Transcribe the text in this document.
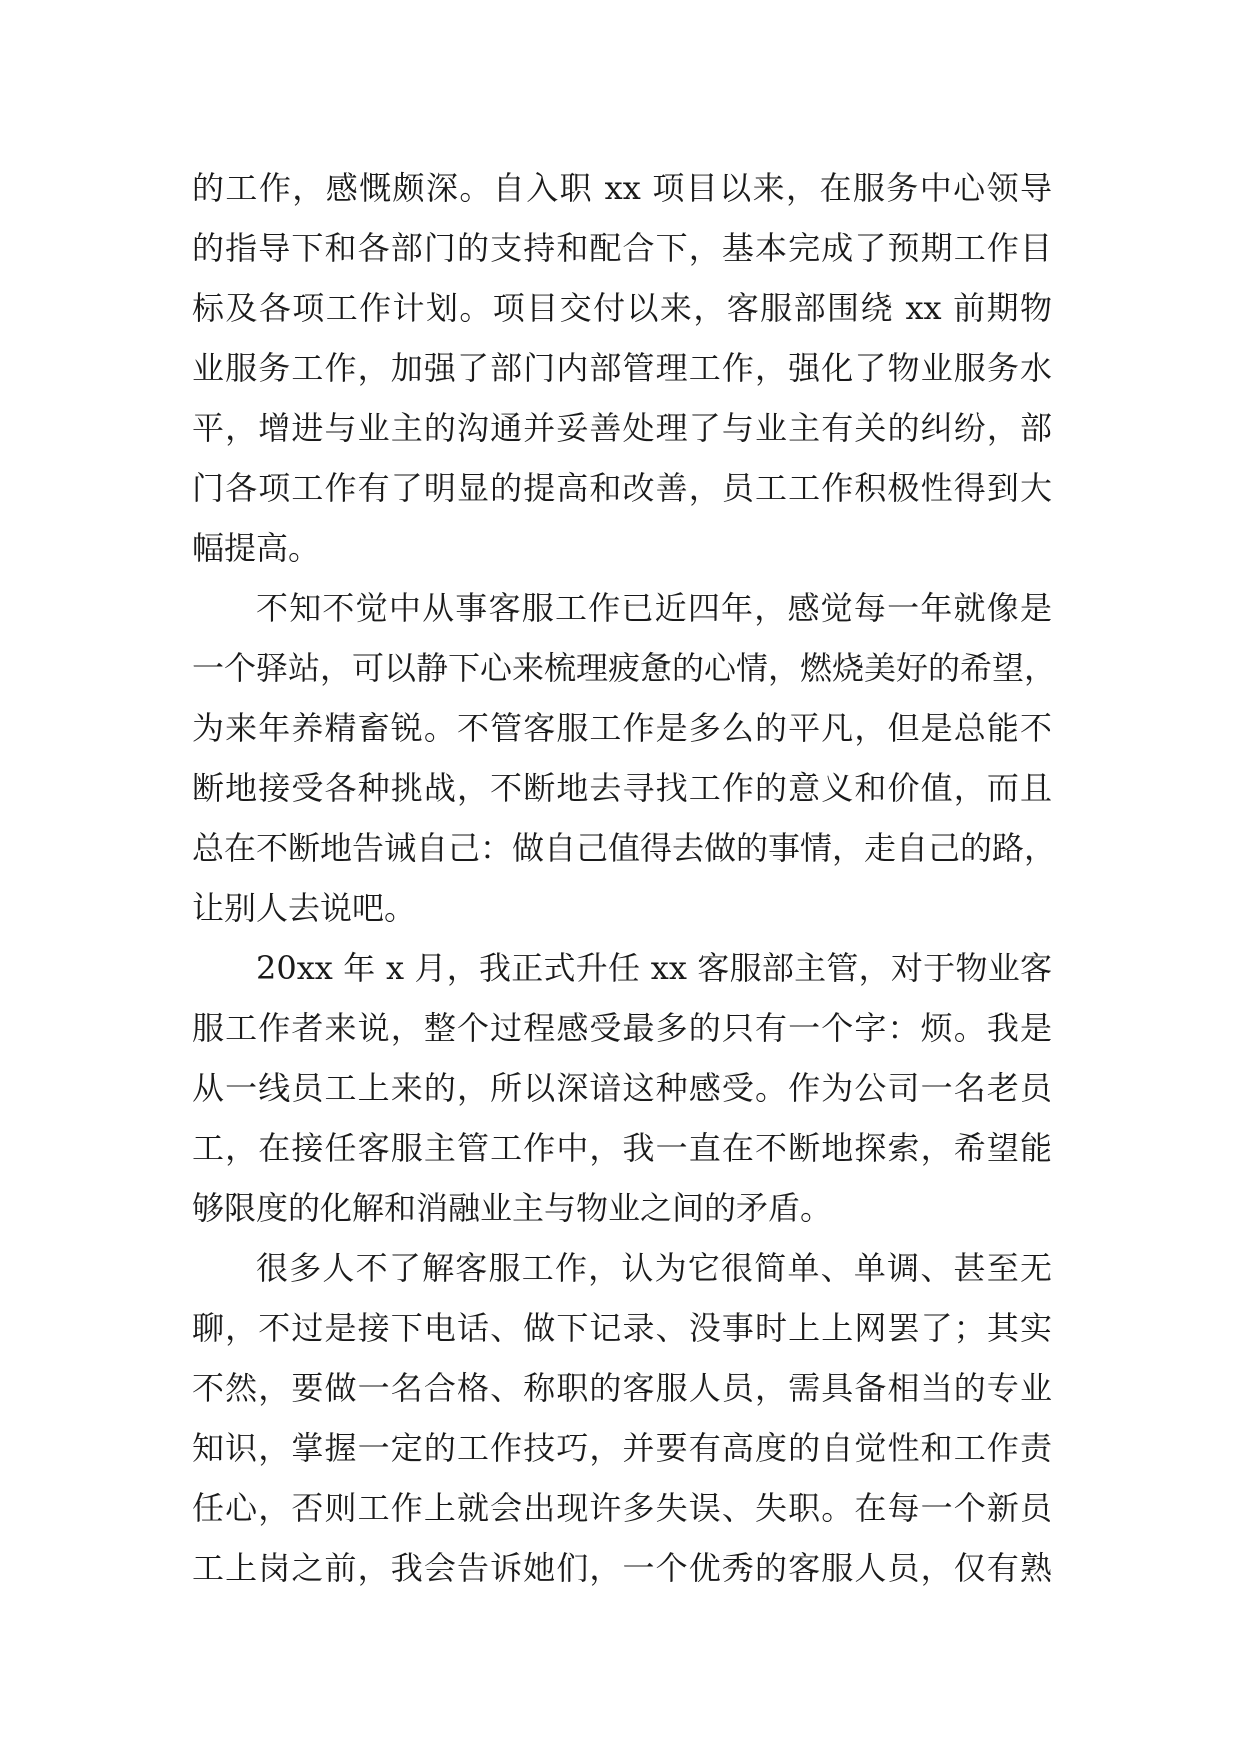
的工作，感慨颇深。自入职 xx 项目以来，在服务中心领导
的指导下和各部门的支持和配合下，基本完成了预期工作目
标及各项工作计划。项目交付以来，客服部围绕 xx 前期物
业服务工作，加强了部门内部管理工作，强化了物业服务水
平，增进与业主的沟通并妥善处理了与业主有关的纠纷，部
门各项工作有了明显的提高和改善，员工工作积极性得到大
幅提高。
不知不觉中从事客服工作已近四年，感觉每一年就像是
一个驿站，可以静下心来梳理疲惫的心情，燃烧美好的希望，
为来年养精畜锐。不管客服工作是多么的平凡，但是总能不
断地接受各种挑战，不断地去寻找工作的意义和价值，而且
总在不断地告诫自己：做自己值得去做的事情，走自己的路，
让别人去说吧。
20xx 年 x 月，我正式升任 xx 客服部主管，对于物业客
服工作者来说，整个过程感受最多的只有一个字：烦。我是
从一线员工上来的，所以深谙这种感受。作为公司一名老员
工，在接任客服主管工作中，我一直在不断地探索，希望能
够限度的化解和消融业主与物业之间的矛盾。
很多人不了解客服工作，认为它很简单、单调、甚至无
聊，不过是接下电话、做下记录、没事时上上网罢了；其实
不然，要做一名合格、称职的客服人员，需具备相当的专业
知识，掌握一定的工作技巧，并要有高度的自觉性和工作责
任心，否则工作上就会出现许多失误、失职。在每一个新员
工上岗之前，我会告诉她们，一个优秀的客服人员，仅有熟
